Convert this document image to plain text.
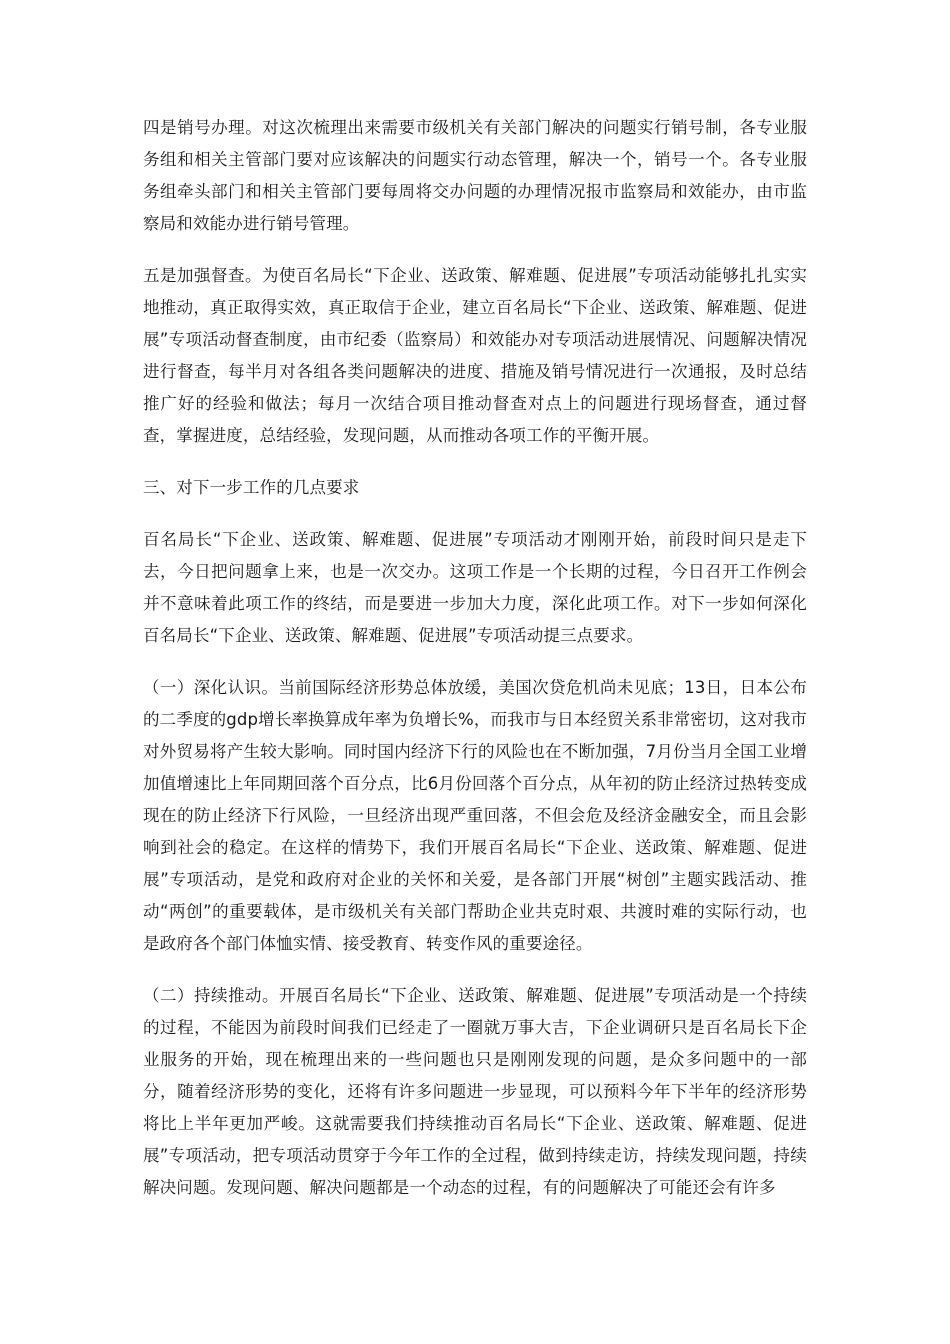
四是销号办理。对这次梳理出来需要市级机关有关部门解决的问题实行销号制，各专业服务组和相关主管部门要对应该解决的问题实行动态管理，解决一个，销号一个。各专业服务组牵头部门和相关主管部门要每周将交办问题的办理情况报市监察局和效能办，由市监察局和效能办进行销号管理。

五是加强督查。为使百名局长“下企业、送政策、解难题、促进展”专项活动能够扎扎实实地推动，真正取得实效，真正取信于企业，建立百名局长“下企业、送政策、解难题、促进展”专项活动督查制度，由市纪委（监察局）和效能办对专项活动进展情况、问题解决情况进行督查，每半月对各组各类问题解决的进度、措施及销号情况进行一次通报，及时总结推广好的经验和做法；每月一次结合项目推动督查对点上的问题进行现场督查，通过督查，掌握进度，总结经验，发现问题，从而推动各项工作的平衡开展。

三、对下一步工作的几点要求

百名局长“下企业、送政策、解难题、促进展”专项活动才刚刚开始，前段时间只是走下去，今日把问题拿上来，也是一次交办。这项工作是一个长期的过程，今日召开工作例会并不意味着此项工作的终结，而是要进一步加大力度，深化此项工作。对下一步如何深化百名局长“下企业、送政策、解难题、促进展”专项活动提三点要求。

（一）深化认识。当前国际经济形势总体放缓，美国次贷危机尚未见底；13日，日本公布的二季度的gdp增长率换算成年率为负增长%，而我市与日本经贸关系非常密切，这对我市对外贸易将产生较大影响。同时国内经济下行的风险也在不断加强，7月份当月全国工业增加值增速比上年同期回落个百分点，比6月份回落个百分点，从年初的防止经济过热转变成现在的防止经济下行风险，一旦经济出现严重回落，不但会危及经济金融安全，而且会影响到社会的稳定。在这样的情势下，我们开展百名局长“下企业、送政策、解难题、促进展”专项活动，是党和政府对企业的关怀和关爱，是各部门开展“树创”主题实践活动、推动“两创”的重要载体，是市级机关有关部门帮助企业共克时艰、共渡时难的实际行动，也是政府各个部门体恤实情、接受教育、转变作风的重要途径。

（二）持续推动。开展百名局长“下企业、送政策、解难题、促进展”专项活动是一个持续的过程，不能因为前段时间我们已经走了一圈就万事大吉，下企业调研只是百名局长下企业服务的开始，现在梳理出来的一些问题也只是刚刚发现的问题，是众多问题中的一部分，随着经济形势的变化，还将有许多问题进一步显现，可以预料今年下半年的经济形势将比上半年更加严峻。这就需要我们持续推动百名局长“下企业、送政策、解难题、促进展”专项活动，把专项活动贯穿于今年工作的全过程，做到持续走访，持续发现问题，持续解决问题。发现问题、解决问题都是一个动态的过程，有的问题解决了可能还会有许多
